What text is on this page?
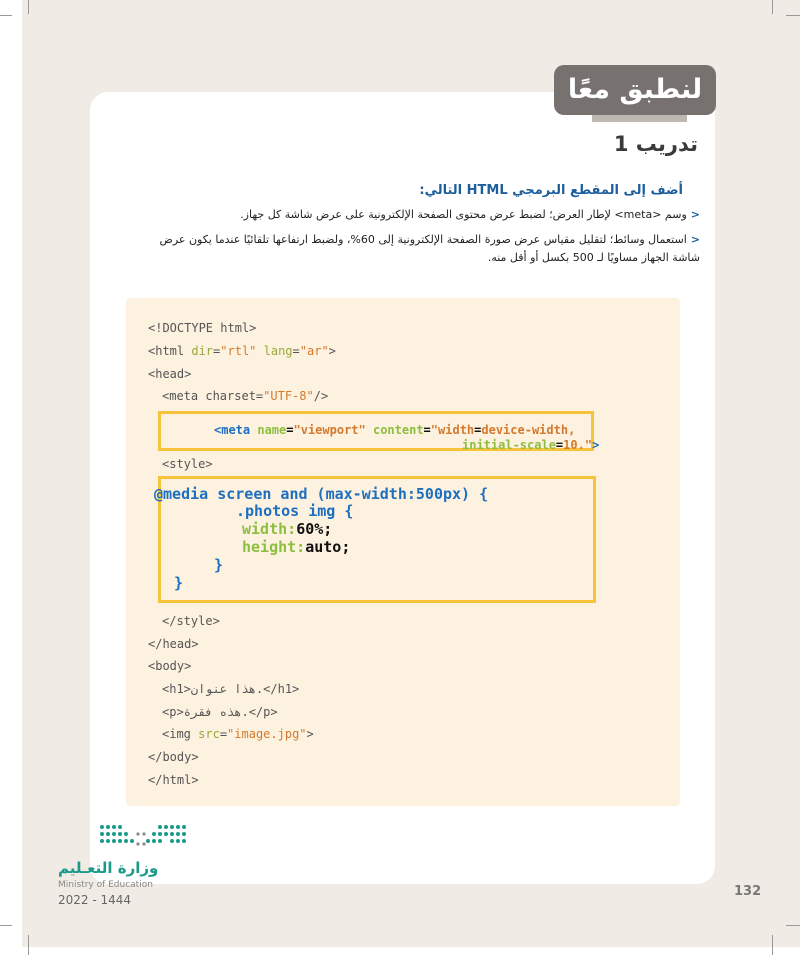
لنطبق معًا
تدريب 1
أضف إلى المقطع البرمجي HTML التالي:
<وسم <meta> لإطار العرض؛ لضبط عرض محتوى الصفحة الإلكترونية على عرض شاشة كل جهاز.
<استعمال وسائط؛ لتقليل مقياس عرض صورة الصفحة الإلكترونية إلى 60%، ولضبط ارتفاعها تلقائيًا عندما يكون عرض شاشة الجهاز مساويًا لـ 500 بكسل أو أقل منه.
<!DOCTYPE html>
<html dir="rtl" lang="ar">
<head>
<meta charset="UTF-8"/>
<meta name="viewport" content="width=device-width,
initial-scale=10.">
<style>
@media screen and (max-width:500px) {
.photos img {
width:60%;
height:auto;
}
}
</style>
</head>
<body>
<h1>هذا عنوان.</h1>
<p>هذه فقرة.</p>
<img src="image.jpg">
</body>
</html>
وزارة التعـليم
Ministry of Education
2022 - 1444
132
